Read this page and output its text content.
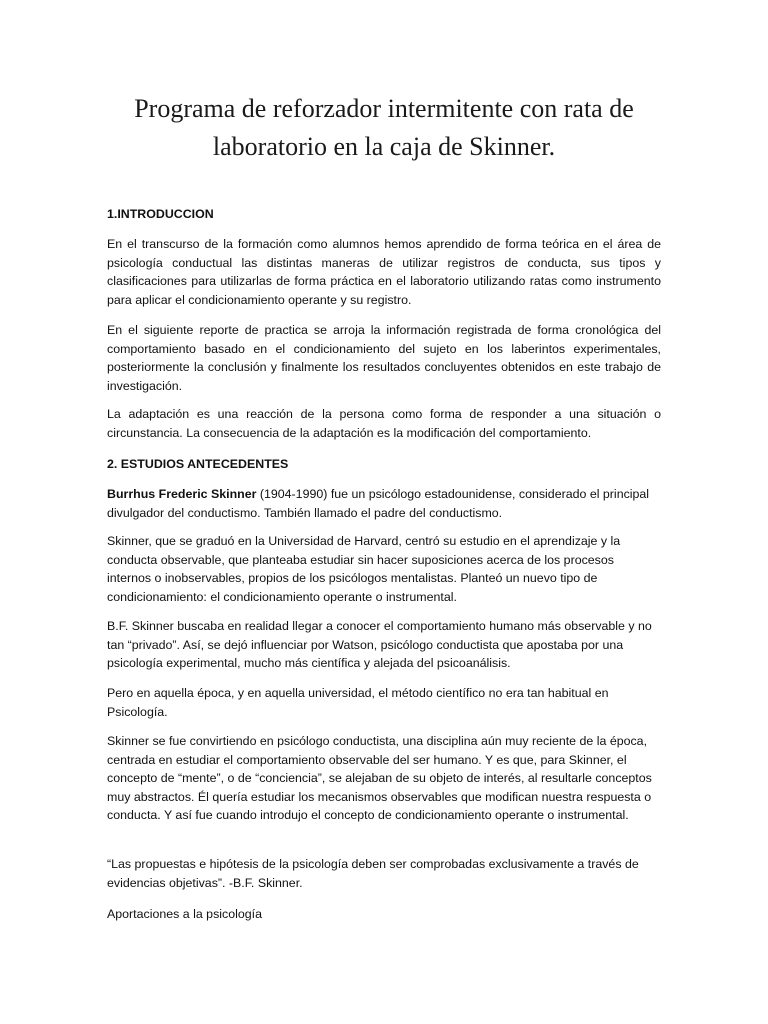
Programa de reforzador intermitente con rata de
laboratorio en la caja de Skinner.
1.INTRODUCCION

En el transcurso de la formación como alumnos hemos aprendido de forma teórica en el área de psicología conductual las distintas maneras de utilizar registros de conducta, sus tipos y clasificaciones para utilizarlas de forma práctica en el laboratorio utilizando ratas como instrumento para aplicar el condicionamiento operante y su registro.

En el siguiente reporte de practica se arroja la información registrada de forma cronológica del comportamiento basado en el condicionamiento del sujeto en los laberintos experimentales, posteriormente la conclusión y finalmente los resultados concluyentes obtenidos en este trabajo de investigación.

La adaptación es una reacción de la persona como forma de responder a una situación o circunstancia. La consecuencia de la adaptación es la modificación del comportamiento.

2. ESTUDIOS ANTECEDENTES

Burrhus Frederic Skinner (1904-1990) fue un psicólogo estadounidense, considerado el principal divulgador del conductismo. También llamado el padre del conductismo.

Skinner, que se graduó en la Universidad de Harvard, centró su estudio en el aprendizaje y la conducta observable, que planteaba estudiar sin hacer suposiciones acerca de los procesos internos o inobservables, propios de los psicólogos mentalistas. Planteó un nuevo tipo de condicionamiento: el condicionamiento operante o instrumental.

B.F. Skinner buscaba en realidad llegar a conocer el comportamiento humano más observable y no tan “privado”. Así, se dejó influenciar por Watson, psicólogo conductista que apostaba por una psicología experimental, mucho más científica y alejada del psicoanálisis.

Pero en aquella época, y en aquella universidad, el método científico no era tan habitual en Psicología.

Skinner se fue convirtiendo en psicólogo conductista, una disciplina aún muy reciente de la época, centrada en estudiar el comportamiento observable del ser humano. Y es que, para Skinner, el concepto de “mente”, o de “conciencia”, se alejaban de su objeto de interés, al resultarle conceptos muy abstractos. Él quería estudiar los mecanismos observables que modifican nuestra respuesta o conducta. Y así fue cuando introdujo el concepto de condicionamiento operante o instrumental.

“Las propuestas e hipótesis de la psicología deben ser comprobadas exclusivamente a través de evidencias objetivas”. -B.F. Skinner.

Aportaciones a la psicología
